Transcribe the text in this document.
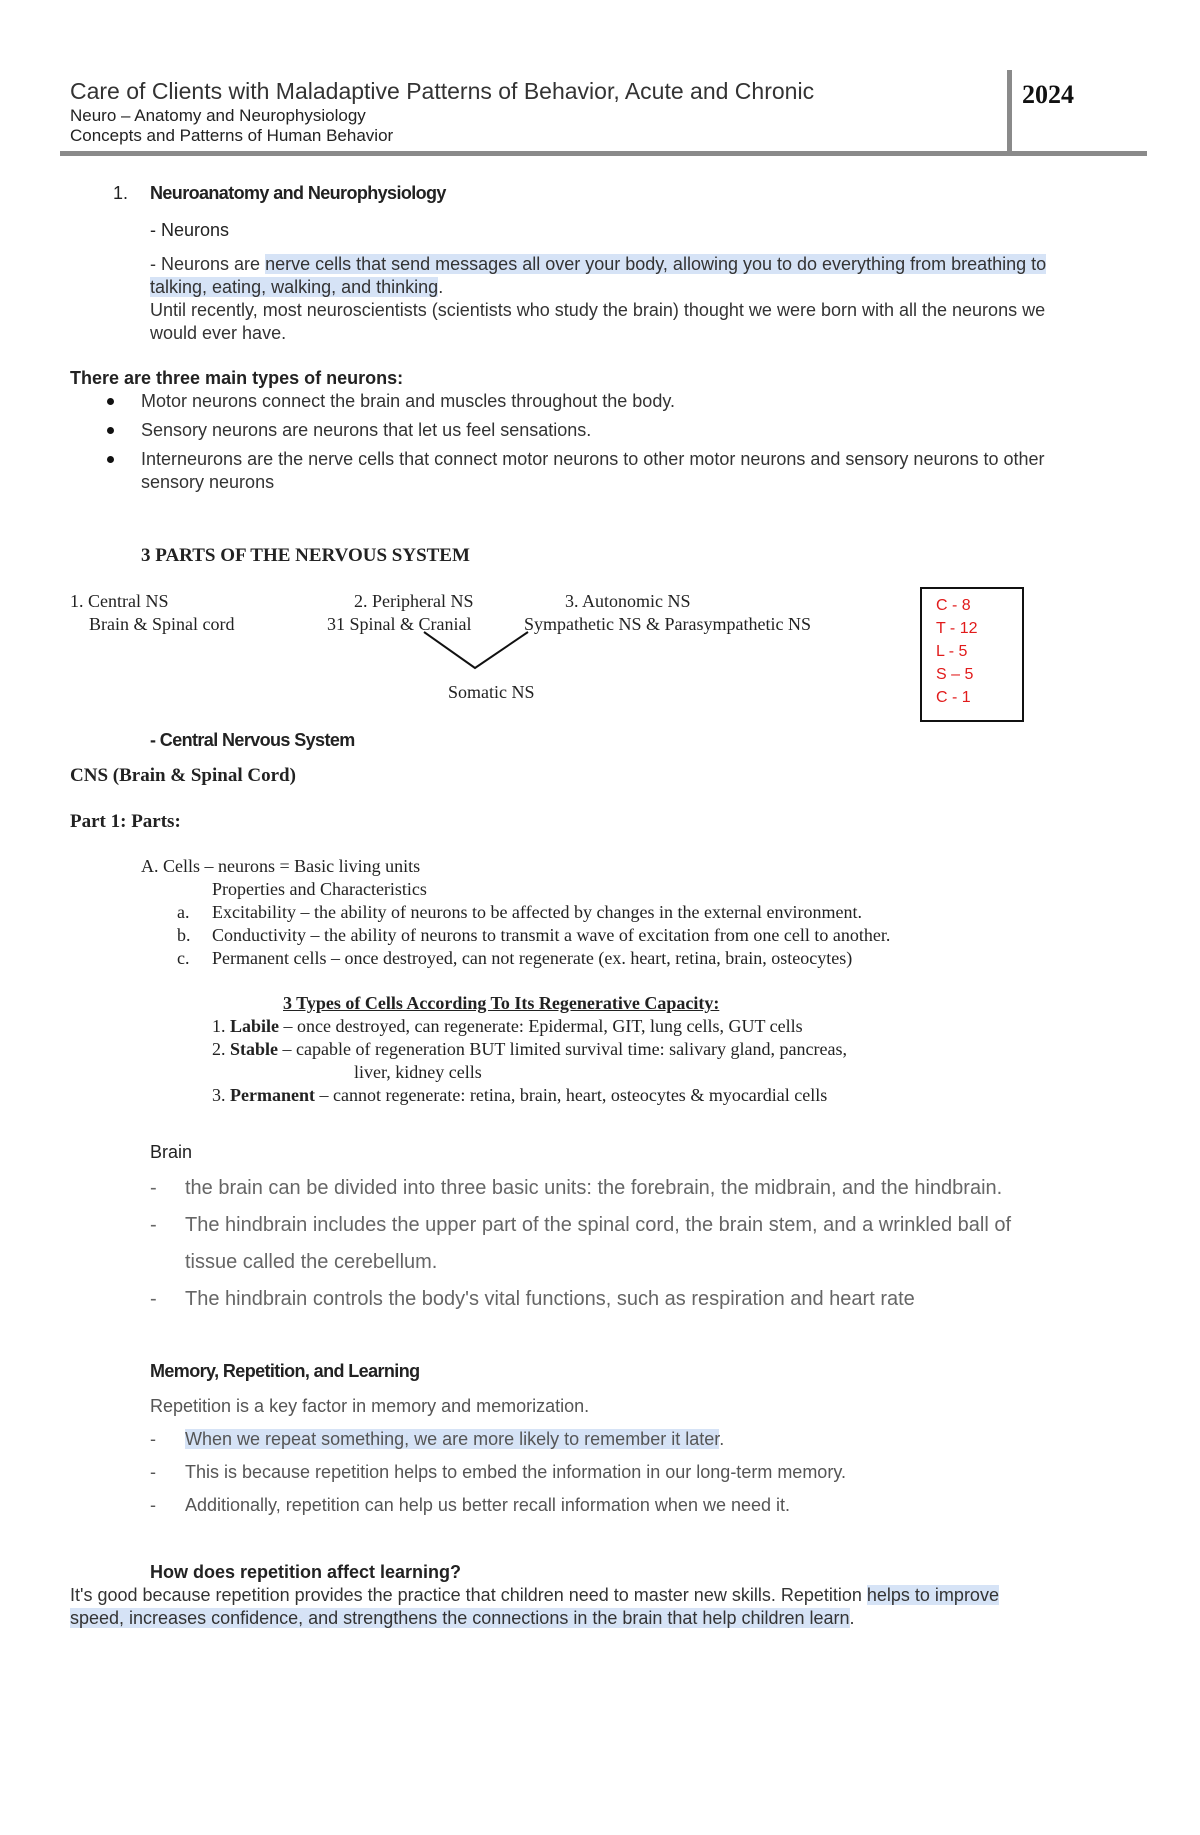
Care of Clients with Maladaptive Patterns of Behavior, Acute and Chronic
Neuro – Anatomy and Neurophysiology
Concepts and Patterns of Human Behavior
2024
1. Neuroanatomy and Neurophysiology
- Neurons
- Neurons are nerve cells that send messages all over your body, allowing you to do everything from breathing to
talking, eating, walking, and thinking.
Until recently, most neuroscientists (scientists who study the brain) thought we were born with all the neurons we
would ever have.
There are three main types of neurons:
Motor neurons connect the brain and muscles throughout the body.
Sensory neurons are neurons that let us feel sensations.
Interneurons are the nerve cells that connect motor neurons to other motor neurons and sensory neurons to other
sensory neurons
3 PARTS OF THE NERVOUS SYSTEM
1. Central NS
Brain & Spinal cord
2. Peripheral NS
31 Spinal & Cranial
3. Autonomic NS
Sympathetic NS & Parasympathetic NS
Somatic NS
C - 8
T - 12
L - 5
S – 5
C - 1
- Central Nervous System
CNS (Brain & Spinal Cord)
Part 1: Parts:
A. Cells – neurons = Basic living units
Properties and Characteristics
a. Excitability – the ability of neurons to be affected by changes in the external environment.
b. Conductivity – the ability of neurons to transmit a wave of excitation from one cell to another.
c. Permanent cells – once destroyed, can not regenerate (ex. heart, retina, brain, osteocytes)
3 Types of Cells According To Its Regenerative Capacity:
1. Labile – once destroyed, can regenerate: Epidermal, GIT, lung cells, GUT cells
2. Stable – capable of regeneration BUT limited survival time: salivary gland, pancreas,
liver, kidney cells
3. Permanent – cannot regenerate: retina, brain, heart, osteocytes & myocardial cells
Brain
- the brain can be divided into three basic units: the forebrain, the midbrain, and the hindbrain.
- The hindbrain includes the upper part of the spinal cord, the brain stem, and a wrinkled ball of
tissue called the cerebellum.
- The hindbrain controls the body's vital functions, such as respiration and heart rate
Memory, Repetition, and Learning
Repetition is a key factor in memory and memorization.
- When we repeat something, we are more likely to remember it later.
- This is because repetition helps to embed the information in our long-term memory.
- Additionally, repetition can help us better recall information when we need it.
How does repetition affect learning?
It's good because repetition provides the practice that children need to master new skills. Repetition helps to improve
speed, increases confidence, and strengthens the connections in the brain that help children learn.
